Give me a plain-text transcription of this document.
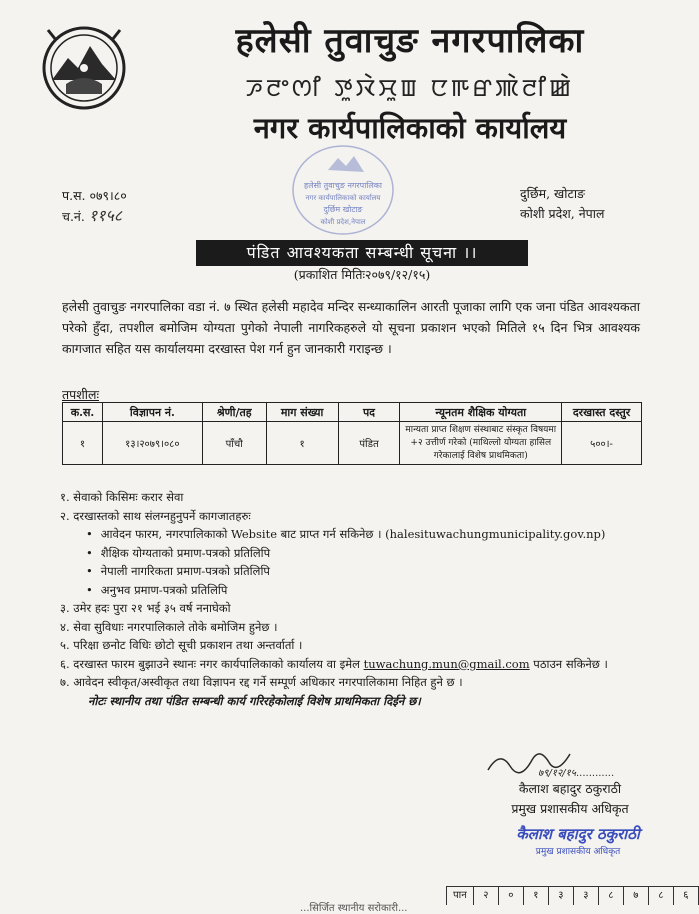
हलेसी तुवाचुङ नगरपालिका
ꯍꯂꯦꯁꯤ ꯇꯨꯋꯥꯆꯨꯡ ꯅꯒꯔꯄꯥꯂꯤꯀꯥ
नगर कार्यपालिकाको कार्यालय
हलेसी तुवाचुङ नगरपालिका
नगर कार्यपालिकाको कार्यालय
दुर्छिम खोटाङ
कोशी प्रदेश,नेपाल
प.स. ०७९।८०
च.नं. ११५८
दुर्छिम, खोटाङ
कोशी प्रदेश, नेपाल
पंडित आवश्यकता सम्बन्धी सूचना ।।
(प्रकाशित मितिः२०७९/१२/१५)
हलेसी तुवाचुङ नगरपालिका वडा नं. ७ स्थित हलेसी महादेव मन्दिर सन्ध्याकालिन आरती पूजाका लागि एक जना पंडित आवश्यकता परेको हुँदा, तपशील बमोजिम योग्यता पुगेको नेपाली नागरिकहरुले यो सूचना प्रकाशन भएको मितिले १५ दिन भित्र आवश्यक कागजात सहित यस कार्यालयमा दरखास्त पेश गर्न हुन जानकारी गराइन्छ ।
तपशीलः
क.स.	विज्ञापन नं.	श्रेणी/तह	माग संख्या	पद	न्यूनतम शैक्षिक योग्यता	दरखास्त दस्तुर
१	१३।२०७९।०८०	पाँचौ	१	पंडित	मान्यता प्राप्त शिक्षण संस्थाबाट संस्कृत विषयमा +२ उत्तीर्ण गरेको (माथिल्लो योग्यता हासिल गरेकालाई विशेष प्राथमिकता)	५००।-
१. सेवाको किसिमः करार सेवा
२. दरखास्तको साथ संलग्नहुनुपर्ने कागजातहरुः
• आवेदन फारम, नगरपालिकाको Website बाट प्राप्त गर्न सकिनेछ । (halesituwachungmunicipality.gov.np)
• शैक्षिक योग्यताको प्रमाण-पत्रको प्रतिलिपि
• नेपाली नागरिकता प्रमाण-पत्रको प्रतिलिपि
• अनुभव प्रमाण-पत्रको प्रतिलिपि
३. उमेर हदः पुरा २१ भई ३५ वर्ष ननाघेको
४. सेवा सुविधाः नगरपालिकाले तोके बमोजिम हुनेछ ।
५. परिक्षा छनोट विधिः छोटो सूची प्रकाशन तथा अन्तर्वार्ता ।
६. दरखास्त फारम बुझाउने स्थानः नगर कार्यपालिकाको कार्यालय वा इमेल tuwachung.mun@gmail.com पठाउन सकिनेछ ।
७. आवेदन स्वीकृत/अस्वीकृत तथा विज्ञापन रद्द गर्ने सम्पूर्ण अधिकार नगरपालिकामा निहित हुने छ ।
नोटः स्थानीय तथा पंडित सम्बन्धी कार्य गरिरहेकोलाई विशेष प्राथमिकता दिईने छ।
७९/१२/१५ ............
कैलाश बहादुर ठकुराठी
प्रमुख प्रशासकीय अधिकृत
कैलाश बहादुर ठकुराठी
प्रमुख प्रशासकीय अधिकृत
पान	२	०	१	३	३	८	७	८	६
...सिर्जित स्थानीय सरोकारी...
